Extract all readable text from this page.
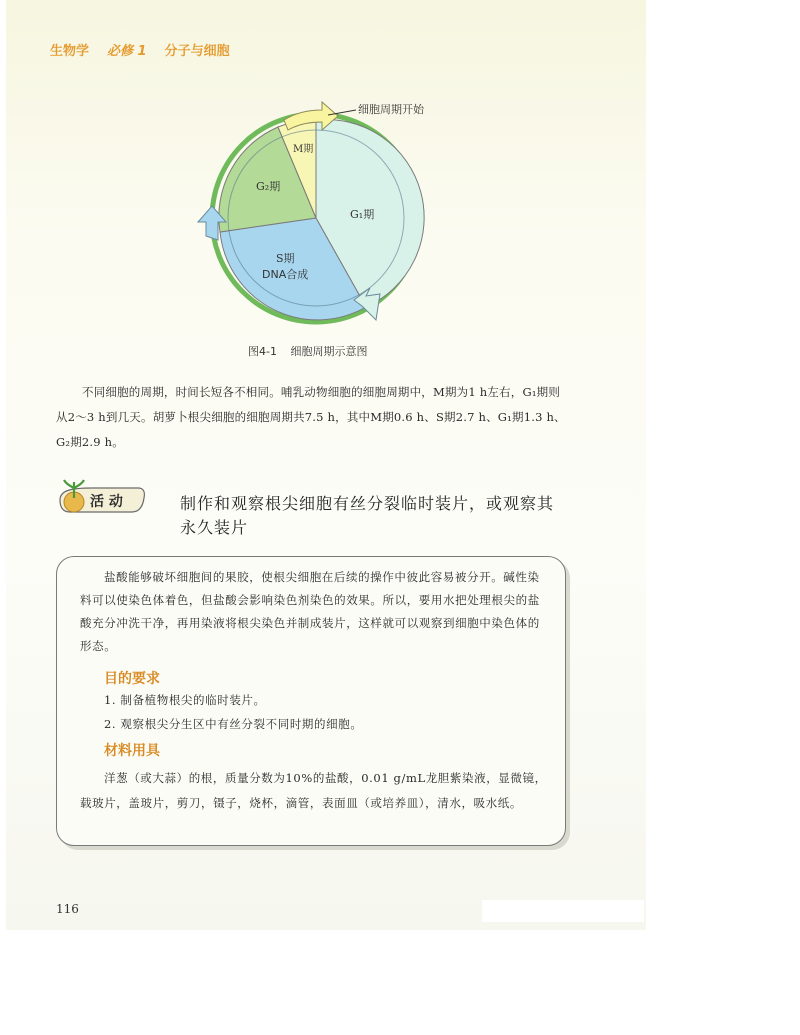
生物学 必修 1 分子与细胞
细胞周期开始
M期
G₂期
G₁期
S期
DNA合成
图4-1 细胞周期示意图
不同细胞的周期，时间长短各不相同。哺乳动物细胞的细胞周期中，M期为1 h左右，G₁期则从2～3 h到几天。胡萝卜根尖细胞的细胞周期共7.5 h，其中M期0.6 h、S期2.7 h、G₁期1.3 h、G₂期2.9 h。
活 动	制作和观察根尖细胞有丝分裂临时装片，或观察其永久装片
盐酸能够破坏细胞间的果胶，使根尖细胞在后续的操作中彼此容易被分开。碱性染料可以使染色体着色，但盐酸会影响染色剂染色的效果。所以，要用水把处理根尖的盐酸充分冲洗干净，再用染液将根尖染色并制成装片，这样就可以观察到细胞中染色体的形态。
目的要求
1. 制备植物根尖的临时装片。
2. 观察根尖分生区中有丝分裂不同时期的细胞。
材料用具
洋葱（或大蒜）的根，质量分数为10%的盐酸，0.01 g/mL龙胆紫染液，显微镜，载玻片，盖玻片，剪刀，镊子，烧杯，滴管，表面皿（或培养皿），清水，吸水纸。
116
